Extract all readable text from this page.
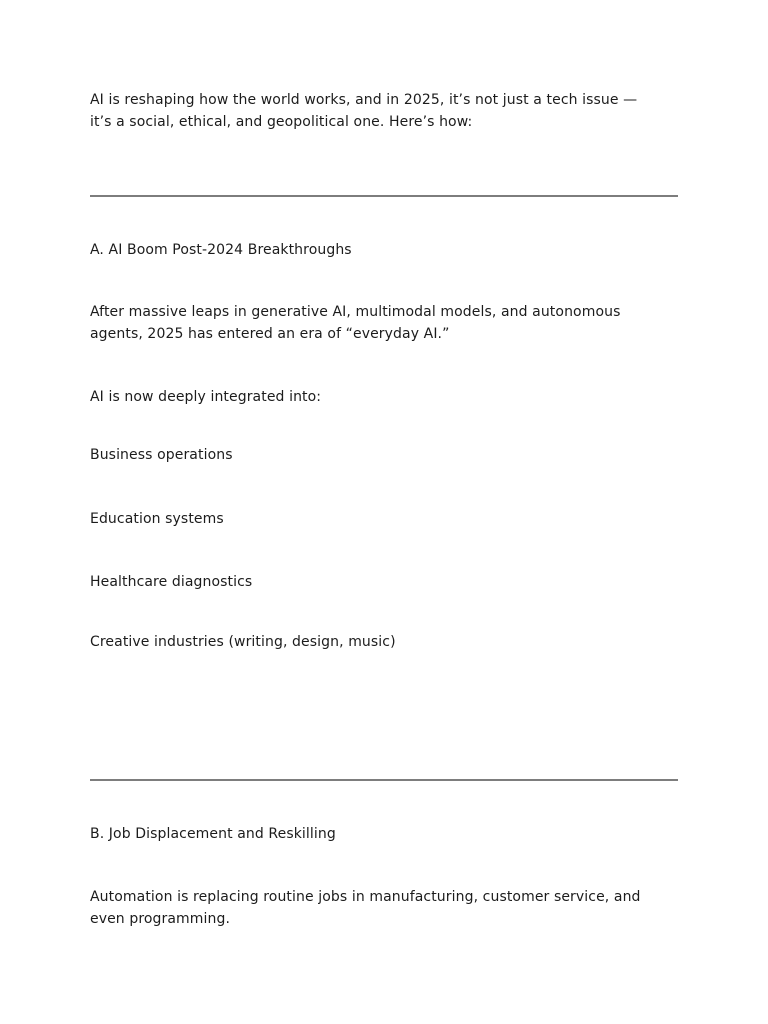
AI is reshaping how the world works, and in 2025, it’s not just a tech issue —
it’s a social, ethical, and geopolitical one. Here’s how:
A. AI Boom Post-2024 Breakthroughs
After massive leaps in generative AI, multimodal models, and autonomous
agents, 2025 has entered an era of “everyday AI.”
AI is now deeply integrated into:
Business operations
Education systems
Healthcare diagnostics
Creative industries (writing, design, music)
B. Job Displacement and Reskilling
Automation is replacing routine jobs in manufacturing, customer service, and
even programming.
